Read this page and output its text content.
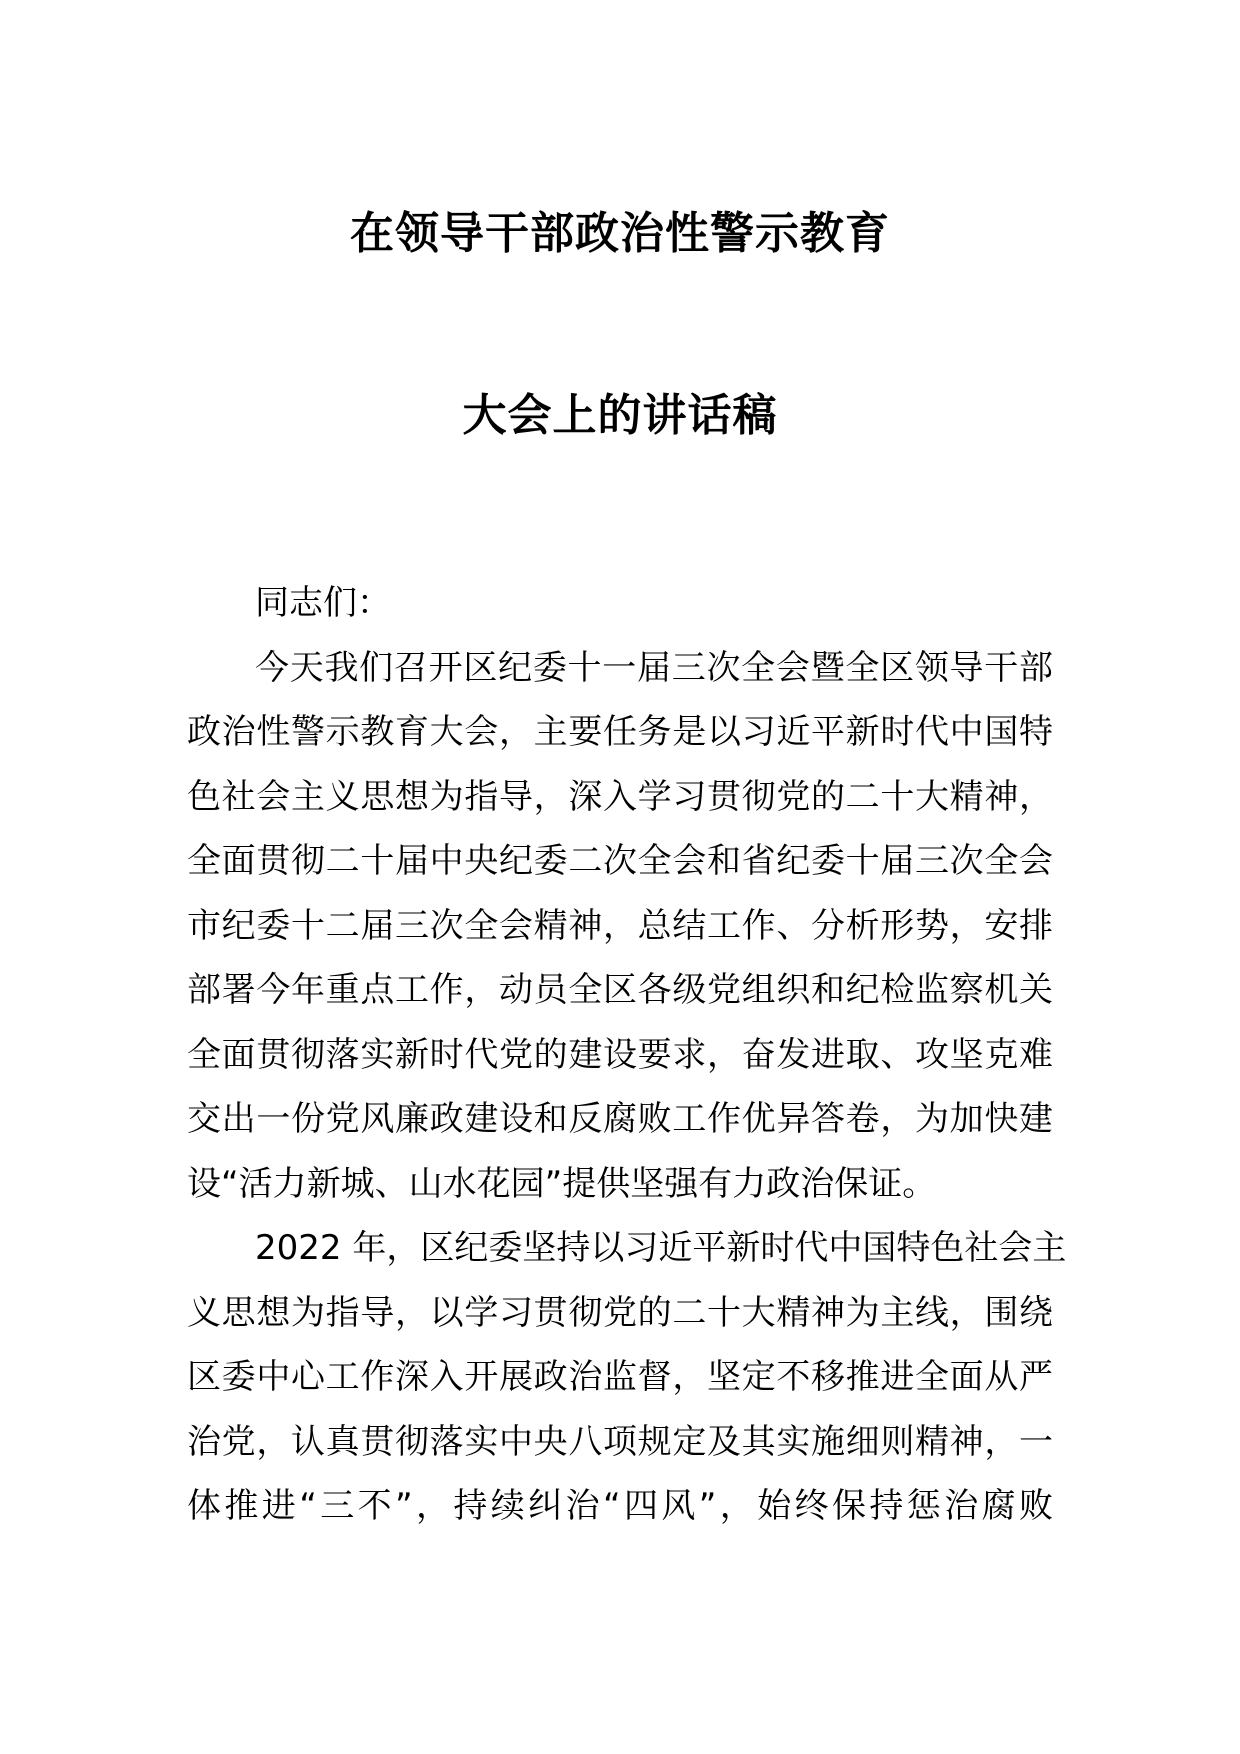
在领导干部政治性警示教育
大会上的讲话稿

同志们：

今天我们召开区纪委十一届三次全会暨全区领导干部
政治性警示教育大会，主要任务是以习近平新时代中国特
色社会主义思想为指导，深入学习贯彻党的二十大精神，
全面贯彻二十届中央纪委二次全会和省纪委十届三次全会
市纪委十二届三次全会精神，总结工作、分析形势，安排
部署今年重点工作，动员全区各级党组织和纪检监察机关
全面贯彻落实新时代党的建设要求，奋发进取、攻坚克难
交出一份党风廉政建设和反腐败工作优异答卷，为加快建
设“活力新城、山水花园”提供坚强有力政治保证。

2022 年，区纪委坚持以习近平新时代中国特色社会主
义思想为指导，以学习贯彻党的二十大精神为主线，围绕
区委中心工作深入开展政治监督，坚定不移推进全面从严
治党，认真贯彻落实中央八项规定及其实施细则精神，一
体推进“三不”，持续纠治“四风”，始终保持惩治腐败
